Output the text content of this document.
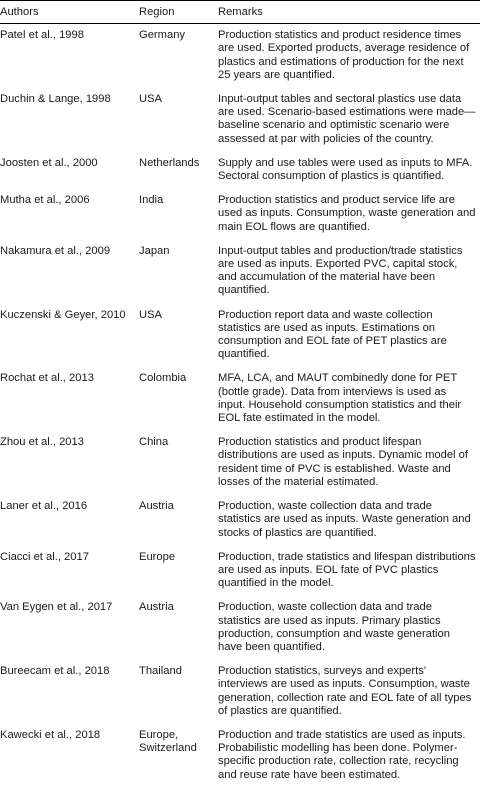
Authors	Region	Remarks
Patel et al., 1998	Germany	Production statistics and product residence times are used. Exported products, average residence of plastics and estimations of production for the next 25 years are quantified.
Duchin & Lange, 1998	USA	Input-output tables and sectoral plastics use data are used. Scenario-based estimations were made—baseline scenario and optimistic scenario were assessed at par with policies of the country.
Joosten et al., 2000	Netherlands	Supply and use tables were used as inputs to MFA. Sectoral consumption of plastics is quantified.
Mutha et al., 2006	India	Production statistics and product service life are used as inputs. Consumption, waste generation and main EOL flows are quantified.
Nakamura et al., 2009	Japan	Input-output tables and production/trade statistics are used as inputs. Exported PVC, capital stock, and accumulation of the material have been quantified.
Kuczenski & Geyer, 2010	USA	Production report data and waste collection statistics are used as inputs. Estimations on consumption and EOL fate of PET plastics are quantified.
Rochat et al., 2013	Colombia	MFA, LCA, and MAUT combinedly done for PET (bottle grade). Data from interviews is used as input. Household consumption statistics and their EOL fate estimated in the model.
Zhou et al., 2013	China	Production statistics and product lifespan distributions are used as inputs. Dynamic model of resident time of PVC is established. Waste and losses of the material estimated.
Laner et al., 2016	Austria	Production, waste collection data and trade statistics are used as inputs. Waste generation and stocks of plastics are quantified.
Ciacci et al., 2017	Europe	Production, trade statistics and lifespan distributions are used as inputs. EOL fate of PVC plastics quantified in the model.
Van Eygen et al., 2017	Austria	Production, waste collection data and trade statistics are used as inputs. Primary plastics production, consumption and waste generation have been quantified.
Bureecam et al., 2018	Thailand	Production statistics, surveys and experts' interviews are used as inputs. Consumption, waste generation, collection rate and EOL fate of all types of plastics are quantified.
Kawecki et al., 2018	Europe, Switzerland	Production and trade statistics are used as inputs. Probabilistic modelling has been done. Polymer-specific production rate, collection rate, recycling and reuse rate have been estimated.
